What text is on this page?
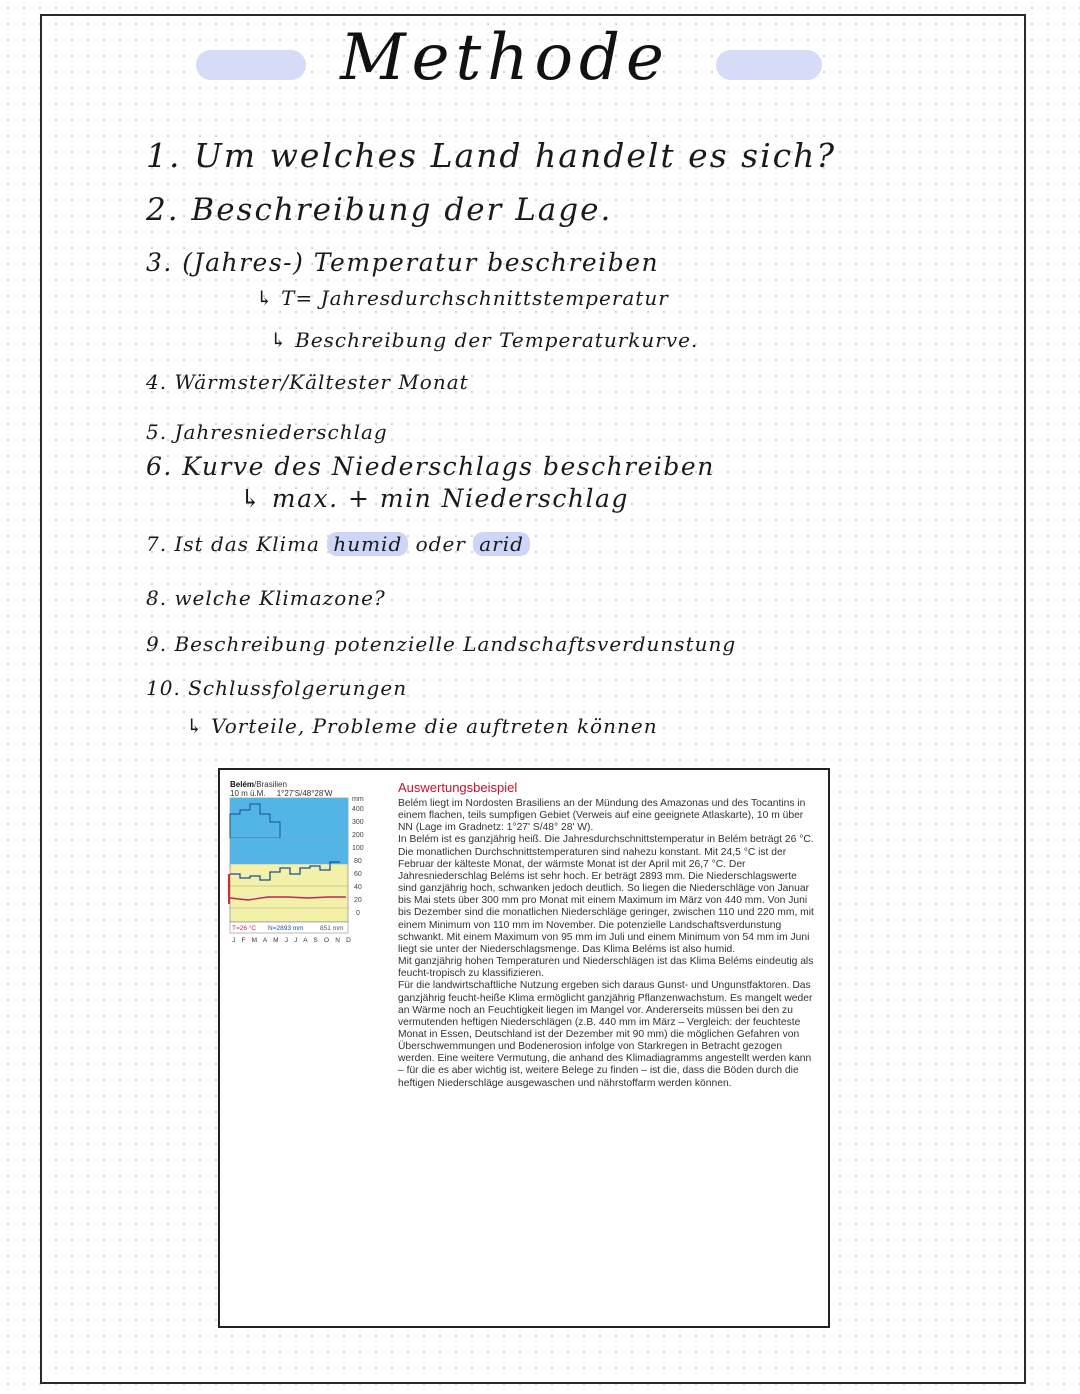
Methode
1. Um welches Land handelt es sich?
2. Beschreibung der Lage.
3. (Jahres-) Temperatur beschreiben
↳ T= Jahresdurchschnittstemperatur
↳ Beschreibung der Temperaturkurve.
4. Wärmster/Kältester Monat
5. Jahresniederschlag
6. Kurve des Niederschlags beschreiben
↳ max. + min Niederschlag
7. Ist das Klima humid oder arid
8. welche Klimazone?
9. Beschreibung potenzielle Landschaftsverdunstung
10. Schlussfolgerungen
↳ Vorteile, Probleme die auftreten können
Belém/Brasilien
10 m ü.M. 1°27'S/48°28'W
mm
400
300
200
100
80
60
40
20
0
T=26 °C N=2893 mm	851 mm
J F M A M J J A S O N D
Auswertungsbeispiel

Belém liegt im Nordosten Brasiliens an der Mündung des Amazonas und des Tocantins in einem flachen, teils sumpfigen Gebiet (Verweis auf eine geeignete Atlaskarte), 10 m über NN (Lage im Gradnetz: 1°27' S/48° 28' W).

In Belém ist es ganzjährig heiß. Die Jahresdurchschnittstemperatur in Belém beträgt 26 °C. Die monatlichen Durchschnittstemperaturen sind nahezu konstant. Mit 24,5 °C ist der Februar der kälteste Monat, der wärmste Monat ist der April mit 26,7 °C. Der Jahresniederschlag Beléms ist sehr hoch. Er beträgt 2893 mm. Die Niederschlagswerte sind ganzjährig hoch, schwanken jedoch deutlich. So liegen die Niederschläge von Januar bis Mai stets über 300 mm pro Monat mit einem Maximum im März von 440 mm. Von Juni bis Dezember sind die monatlichen Niederschläge geringer, zwischen 110 und 220 mm, mit einem Minimum von 110 mm im November. Die potenzielle Landschaftsverdunstung schwankt. Mit einem Maximum von 95 mm im Juli und einem Minimum von 54 mm im Juni liegt sie unter der Niederschlagsmenge. Das Klima Beléms ist also humid.

Mit ganzjährig hohen Temperaturen und Niederschlägen ist das Klima Beléms eindeutig als feucht-tropisch zu klassifizieren.

Für die landwirtschaftliche Nutzung ergeben sich daraus Gunst- und Ungunstfaktoren. Das ganzjährig feucht-heiße Klima ermöglicht ganzjährig Pflanzenwachstum. Es mangelt weder an Wärme noch an Feuchtigkeit liegen im Mangel vor. Andererseits müssen bei den zu vermutenden heftigen Niederschlägen (z.B. 440 mm im März – Vergleich: der feuchteste Monat in Essen, Deutschland ist der Dezember mit 90 mm) die möglichen Gefahren von Überschwemmungen und Bodenerosion infolge von Starkregen in Betracht gezogen werden. Eine weitere Vermutung, die anhand des Klimadiagramms angestellt werden kann – für die es aber wichtig ist, weitere Belege zu finden – ist die, dass die Böden durch die heftigen Niederschläge ausgewaschen und nährstoffarm werden können.
